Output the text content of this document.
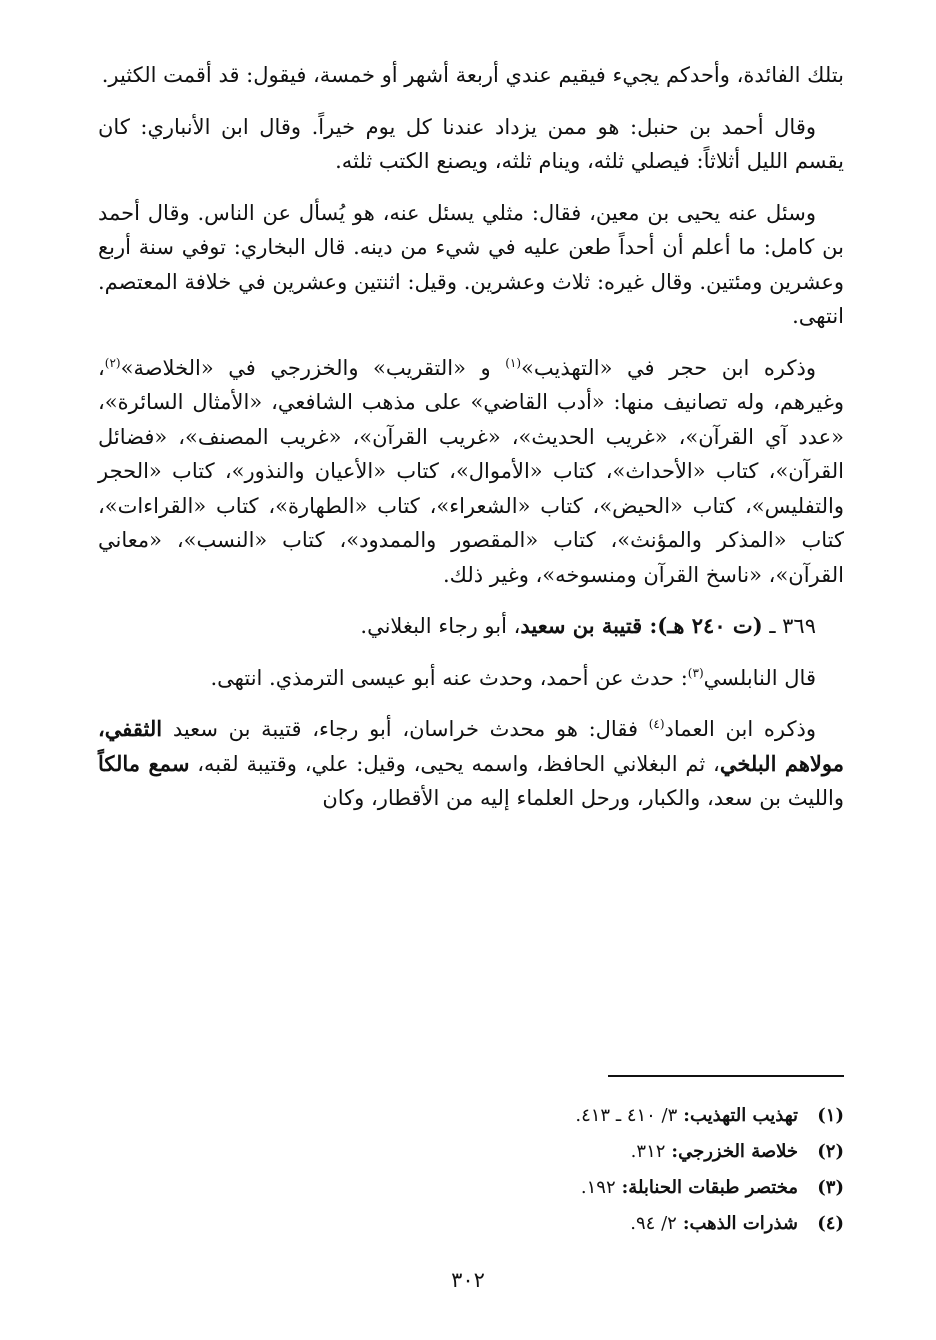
بتلك الفائدة، وأحدكم يجيء فيقيم عندي أربعة أشهر أو خمسة، فيقول: قد أقمت الكثير.

وقال أحمد بن حنبل: هو ممن يزداد عندنا كل يوم خيراً. وقال ابن الأنباري: كان يقسم الليل أثلاثاً: فيصلي ثلثه، وينام ثلثه، ويصنع الكتب ثلثه.

وسئل عنه يحيى بن معين، فقال: مثلي يسئل عنه، هو يُسأل عن الناس. وقال أحمد بن كامل: ما أعلم أن أحداً طعن عليه في شيء من دينه. قال البخاري: توفي سنة أربع وعشرين ومئتين. وقال غيره: ثلاث وعشرين. وقيل: اثنتين وعشرين في خلافة المعتصم. انتهى.

وذكره ابن حجر في «التهذيب»$^{(١)}$ و «التقريب» والخزرجي في «الخلاصة»$^{(٢)}$، وغيرهم، وله تصانيف منها: «أدب القاضي» على مذهب الشافعي، «الأمثال السائرة»، «عدد آي القرآن»، «غريب الحديث»، «غريب القرآن»، «غريب المصنف»، «فضائل القرآن»، كتاب «الأحداث»، كتاب «الأموال»، كتاب «الأعيان والنذور»، كتاب «الحجر والتفليس»، كتاب «الحيض»، كتاب «الشعراء»، كتاب «الطهارة»، كتاب «القراءات»، كتاب «المذكر والمؤنث»، كتاب «المقصور والممدود»، كتاب «النسب»، «معاني القرآن»، «ناسخ القرآن ومنسوخه»، وغير ذلك.

٣٦٩ ـ (ت ٢٤٠ هـ): قتيبة بن سعيد، أبو رجاء البغلاني.

قال النابلسي$^{(٣)}$: حدث عن أحمد، وحدث عنه أبو عيسى الترمذي. انتهى.

وذكره ابن العماد$^{(٤)}$ فقال: هو محدث خراسان، أبو رجاء، قتيبة بن سعيد الثقفي، مولاهم البلخي، ثم البغلاني الحافظ، واسمه يحيى، وقيل: علي، وقتيبة لقبه، سمع مالكاً والليث بن سعد، والكبار، ورحل العلماء إليه من الأقطار، وكان

(١)
تهذيب التهذيب:
٣/ ٤١٠ ـ ٤١٣.
(٢)
خلاصة الخزرجي:
٣١٢.
(٣)
مختصر طبقات الحنابلة:
١٩٢.
(٤)
شذرات الذهب:
٢/ ٩٤.
٣٠٢
